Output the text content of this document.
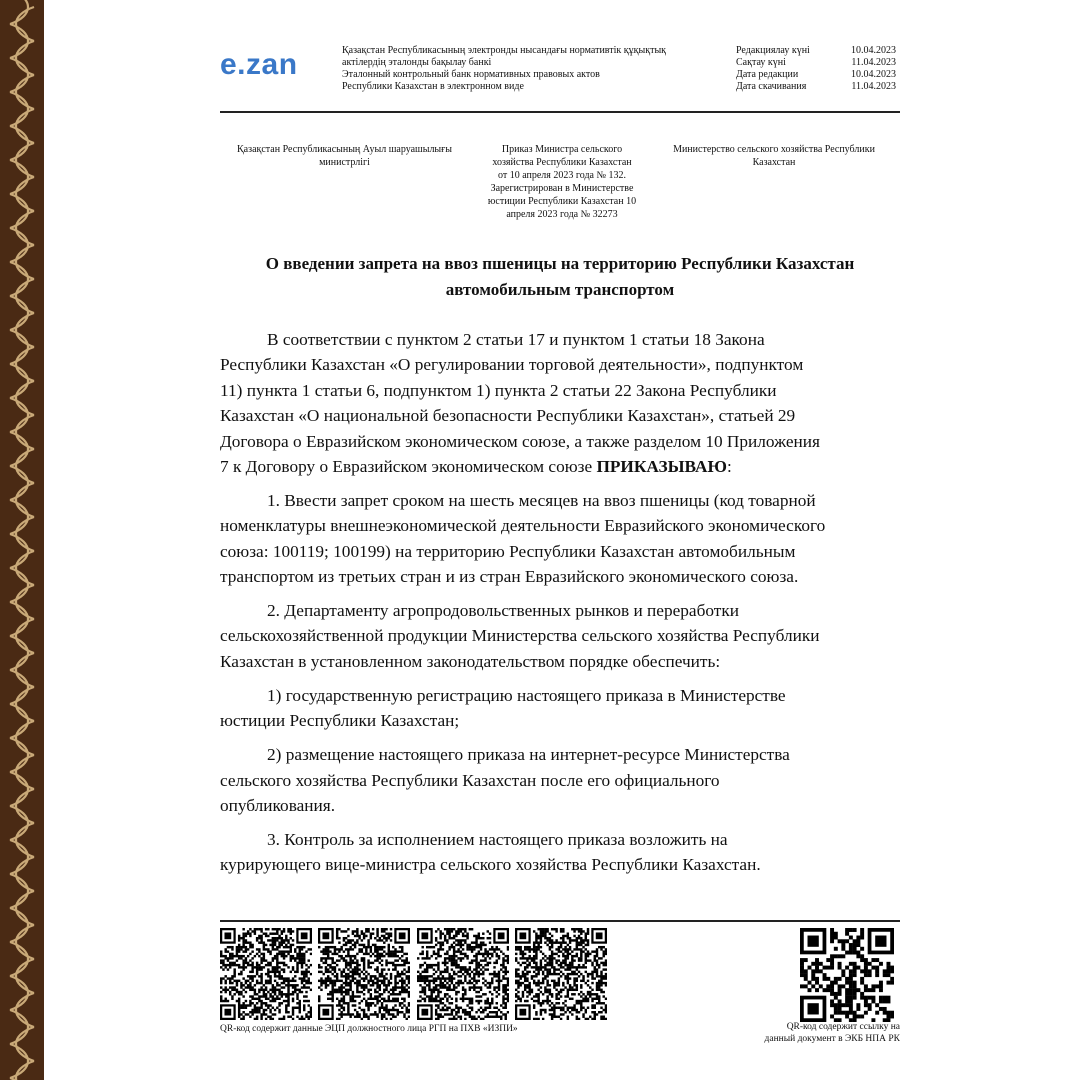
e.zan	Қазақстан Республикасының электронды нысандағы нормативтік құқықтық
актілердің эталонды бақылау банкі
Эталонный контрольный банк нормативных правовых актов
Республики Казахстан в электронном виде
Редакциялау күні	10.04.2023
Сақтау күні	11.04.2023
Дата редакции	10.04.2023
Дата скачивания	11.04.2023
Қазақстан Республикасының Ауыл шаруашылығы
министрлігі
Приказ Министра сельского
хозяйства Республики Казахстан
от 10 апреля 2023 года № 132.
Зарегистрирован в Министерстве
юстиции Республики Казахстан 10
апреля 2023 года № 32273
Министерство сельского хозяйства Республики
Казахстан
О введении запрета на ввоз пшеницы на территорию Республики Казахстан
автомобильным транспортом
В соответствии с пунктом 2 статьи 17 и пунктом 1 статьи 18 Закона
Республики Казахстан «О регулировании торговой деятельности», подпунктом
11) пункта 1 статьи 6, подпунктом 1) пункта 2 статьи 22 Закона Республики
Казахстан «О национальной безопасности Республики Казахстан», статьей 29
Договора о Евразийском экономическом союзе, а также разделом 10 Приложения
7 к Договору о Евразийском экономическом союзе ПРИКАЗЫВАЮ:
1. Ввести запрет сроком на шесть месяцев на ввоз пшеницы (код товарной
номенклатуры внешнеэкономической деятельности Евразийского экономического
союза: 100119; 100199) на территорию Республики Казахстан автомобильным
транспортом из третьих стран и из стран Евразийского экономического союза.
2. Департаменту агропродовольственных рынков и переработки
сельскохозяйственной продукции Министерства сельского хозяйства Республики
Казахстан в установленном законодательством порядке обеспечить:
1) государственную регистрацию настоящего приказа в Министерстве
юстиции Республики Казахстан;
2) размещение настоящего приказа на интернет-ресурсе Министерства
сельского хозяйства Республики Казахстан после его официального
опубликования.
3. Контроль за исполнением настоящего приказа возложить на
курирующего вице-министра сельского хозяйства Республики Казахстан.
QR-код содержит данные ЭЦП должностного лица РГП на ПХВ «ИЗПИ»	QR-код содержит ссылку на
данный документ в ЭКБ НПА РК
